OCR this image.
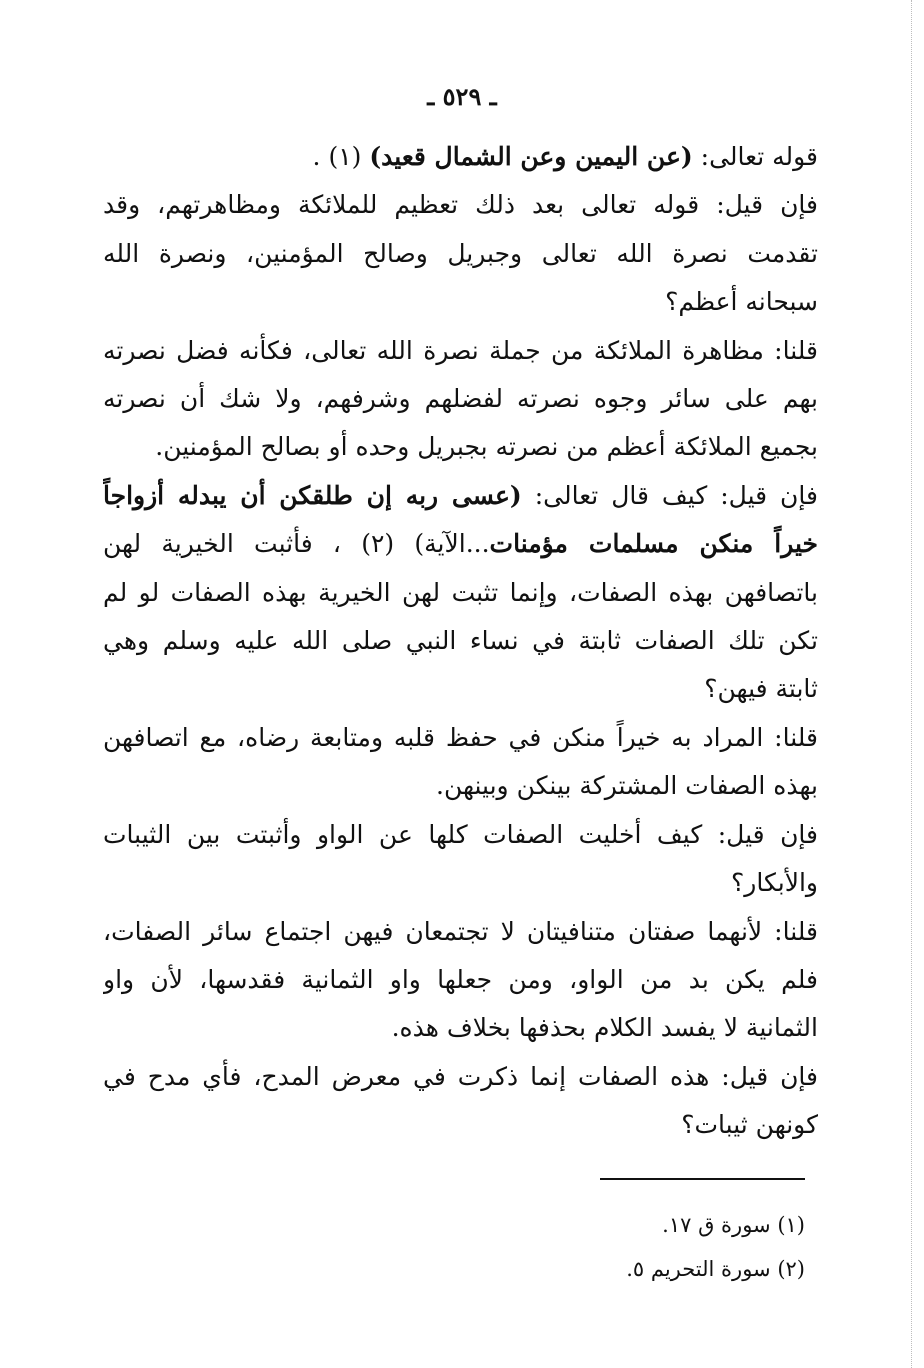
ـ ٥٢٩ ـ
قوله تعالى: (عن اليمين وعن الشمال قعيد) (١) .
فإن قيل: قوله تعالى بعد ذلك تعظيم للملائكة ومظاهرتهم، وقد
تقدمت نصرة الله تعالى وجبريل وصالح المؤمنين، ونصرة الله
سبحانه أعظم؟
قلنا: مظاهرة الملائكة من جملة نصرة الله تعالى، فكأنه فضل نصرته
بهم على سائر وجوه نصرته لفضلهم وشرفهم، ولا شك أن نصرته
بجميع الملائكة أعظم من نصرته بجبريل وحده أو بصالح المؤمنين.
فإن قيل: كيف قال تعالى: (عسى ربه إن طلقكن أن يبدله أزواجاً
خيراً منكن مسلمات مؤمنات...الآية) (٢) ، فأثبت الخيرية لهن
باتصافهن بهذه الصفات، وإنما تثبت لهن الخيرية بهذه الصفات لو لم
تكن تلك الصفات ثابتة في نساء النبي صلى الله عليه وسلم وهي
ثابتة فيهن؟
قلنا: المراد به خيراً منكن في حفظ قلبه ومتابعة رضاه، مع اتصافهن
بهذه الصفات المشتركة بينكن وبينهن.
فإن قيل: كيف أخليت الصفات كلها عن الواو وأثبتت بين الثيبات
والأبكار؟
قلنا: لأنهما صفتان متنافيتان لا تجتمعان فيهن اجتماع سائر الصفات،
فلم يكن بد من الواو، ومن جعلها واو الثمانية فقدسها، لأن واو
الثمانية لا يفسد الكلام بحذفها بخلاف هذه.
فإن قيل: هذه الصفات إنما ذكرت في معرض المدح، فأي مدح في
كونهن ثيبات؟
(١) سورة ق ١٧.
(٢) سورة التحريم ٥.
